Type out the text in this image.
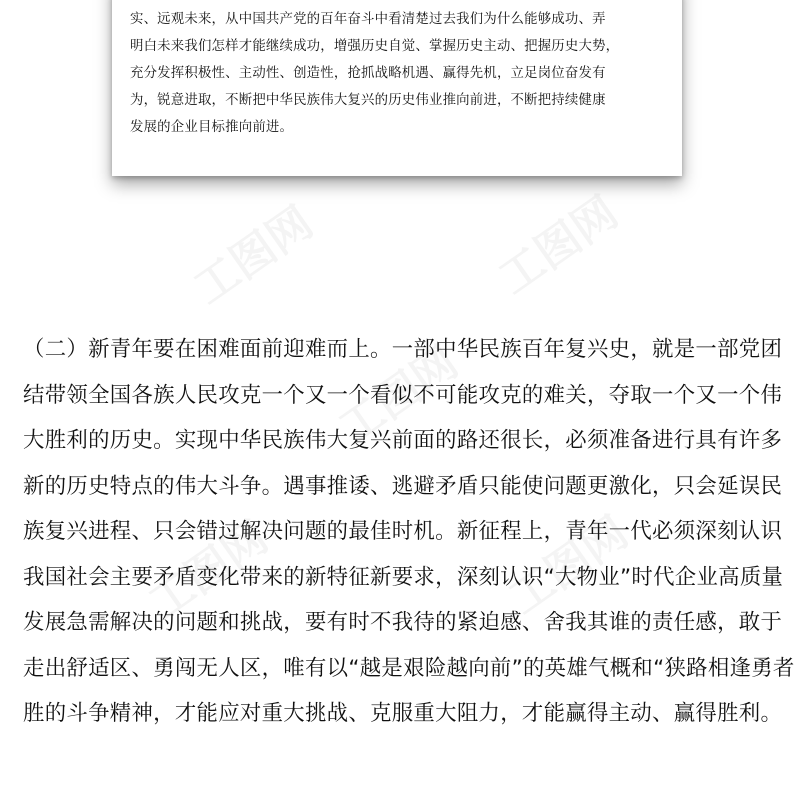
工图网	工图网
工图网
工图网	工图网
实、远观未来，从中国共产党的百年奋斗中看清楚过去我们为什么能够成功、弄
明白未来我们怎样才能继续成功，增强历史自觉、掌握历史主动、把握历史大势，
充分发挥积极性、主动性、创造性，抢抓战略机遇、赢得先机，立足岗位奋发有
为，锐意进取，不断把中华民族伟大复兴的历史伟业推向前进，不断把持续健康
发展的企业目标推向前进。
（二）新青年要在困难面前迎难而上。一部中华民族百年复兴史，就是一部党团
结带领全国各族人民攻克一个又一个看似不可能攻克的难关，夺取一个又一个伟
大胜利的历史。实现中华民族伟大复兴前面的路还很长，必须准备进行具有许多
新的历史特点的伟大斗争。遇事推诿、逃避矛盾只能使问题更激化，只会延误民
族复兴进程、只会错过解决问题的最佳时机。新征程上，青年一代必须深刻认识
我国社会主要矛盾变化带来的新特征新要求，深刻认识“大物业”时代企业高质量
发展急需解决的问题和挑战，要有时不我待的紧迫感、舍我其谁的责任感，敢于
走出舒适区、勇闯无人区，唯有以“越是艰险越向前”的英雄气概和“狭路相逢勇者
胜的斗争精神，才能应对重大挑战、克服重大阻力，才能赢得主动、赢得胜利。
